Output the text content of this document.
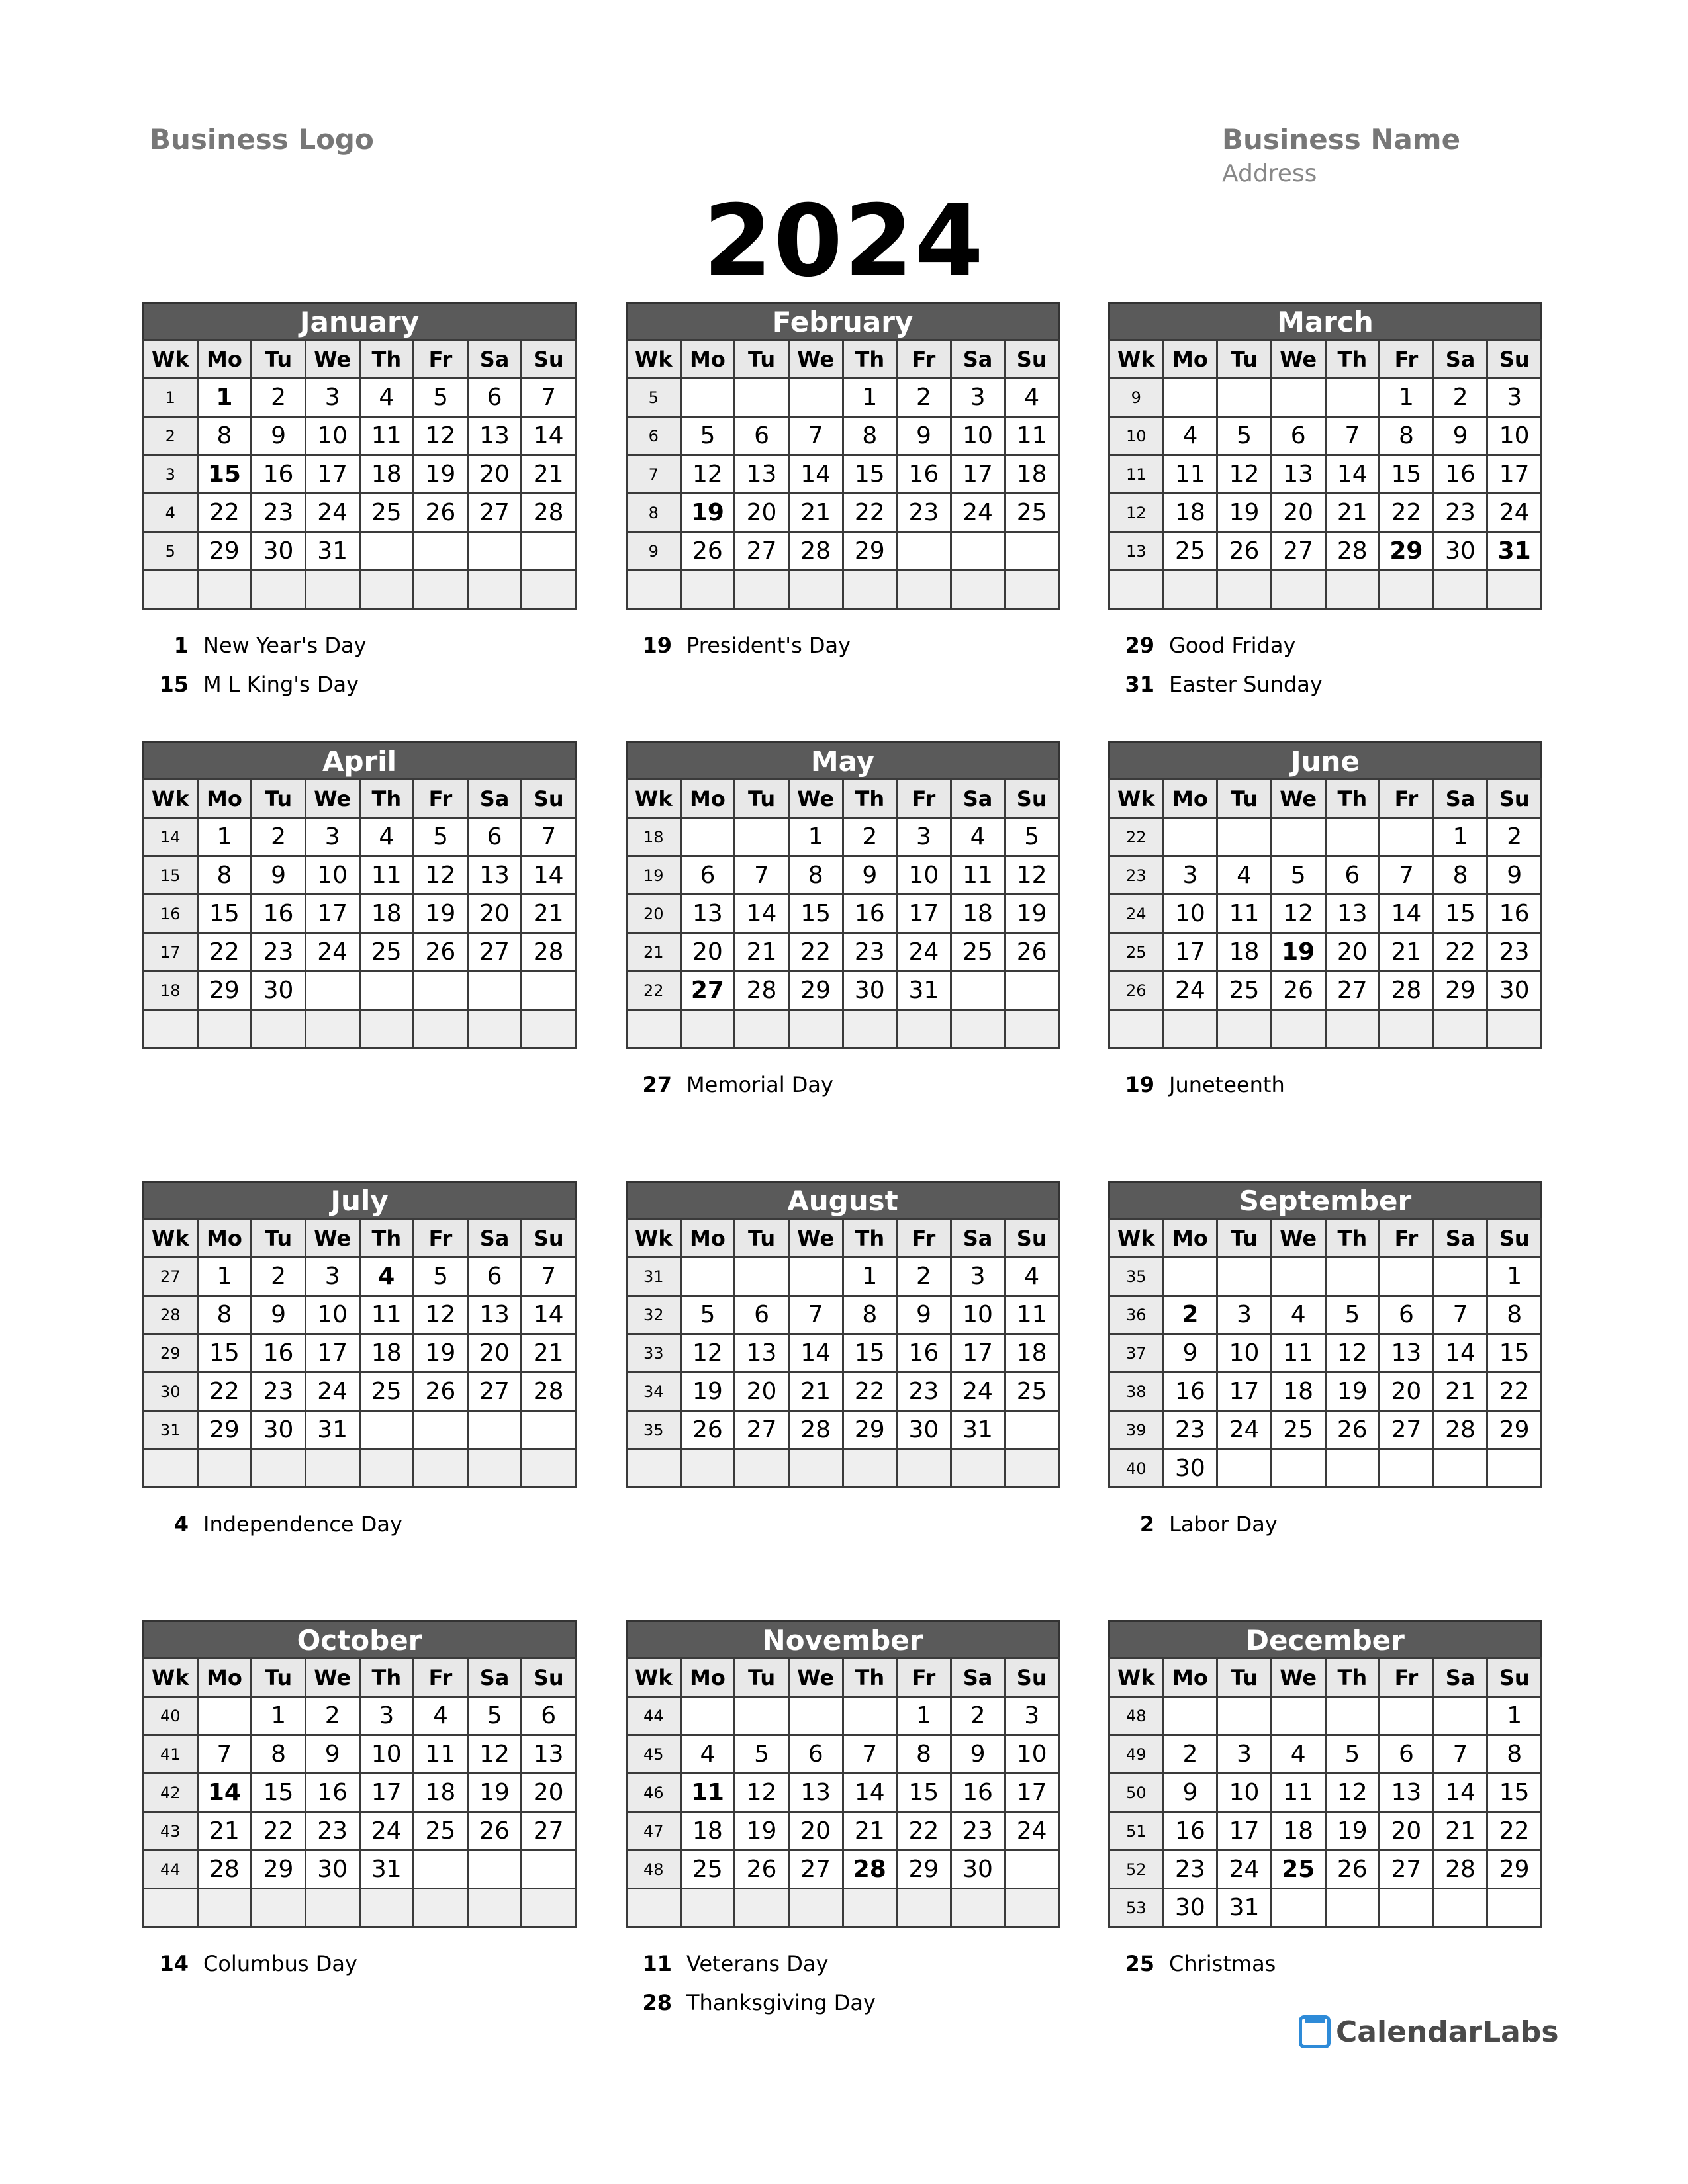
Business Logo	Business Name
Address
2024
January
Wk	Mo	Tu	We	Th	Fr	Sa	Su
1	1	2	3	4	5	6	7
2	8	9	10	11	12	13	14
3	15	16	17	18	19	20	21
4	22	23	24	25	26	27	28
5	29	30	31				

1 New Year's Day
15 M L King's Day
February
Wk	Mo	Tu	We	Th	Fr	Sa	Su
5				1	2	3	4
6	5	6	7	8	9	10	11
7	12	13	14	15	16	17	18
8	19	20	21	22	23	24	25
9	26	27	28	29			

19 President's Day
March
Wk	Mo	Tu	We	Th	Fr	Sa	Su
9					1	2	3
10	4	5	6	7	8	9	10
11	11	12	13	14	15	16	17
12	18	19	20	21	22	23	24
13	25	26	27	28	29	30	31

29 Good Friday
31 Easter Sunday
April
Wk	Mo	Tu	We	Th	Fr	Sa	Su
14	1	2	3	4	5	6	7
15	8	9	10	11	12	13	14
16	15	16	17	18	19	20	21
17	22	23	24	25	26	27	28
18	29	30					

May
Wk	Mo	Tu	We	Th	Fr	Sa	Su
18			1	2	3	4	5
19	6	7	8	9	10	11	12
20	13	14	15	16	17	18	19
21	20	21	22	23	24	25	26
22	27	28	29	30	31		

27 Memorial Day
June
Wk	Mo	Tu	We	Th	Fr	Sa	Su
22						1	2
23	3	4	5	6	7	8	9
24	10	11	12	13	14	15	16
25	17	18	19	20	21	22	23
26	24	25	26	27	28	29	30

19 Juneteenth
July
Wk	Mo	Tu	We	Th	Fr	Sa	Su
27	1	2	3	4	5	6	7
28	8	9	10	11	12	13	14
29	15	16	17	18	19	20	21
30	22	23	24	25	26	27	28
31	29	30	31				

4 Independence Day
August
Wk	Mo	Tu	We	Th	Fr	Sa	Su
31				1	2	3	4
32	5	6	7	8	9	10	11
33	12	13	14	15	16	17	18
34	19	20	21	22	23	24	25
35	26	27	28	29	30	31	

September
Wk	Mo	Tu	We	Th	Fr	Sa	Su
35							1
36	2	3	4	5	6	7	8
37	9	10	11	12	13	14	15
38	16	17	18	19	20	21	22
39	23	24	25	26	27	28	29
40	30						
2 Labor Day
October
Wk	Mo	Tu	We	Th	Fr	Sa	Su
40		1	2	3	4	5	6
41	7	8	9	10	11	12	13
42	14	15	16	17	18	19	20
43	21	22	23	24	25	26	27
44	28	29	30	31			

14 Columbus Day
November
Wk	Mo	Tu	We	Th	Fr	Sa	Su
44					1	2	3
45	4	5	6	7	8	9	10
46	11	12	13	14	15	16	17
47	18	19	20	21	22	23	24
48	25	26	27	28	29	30	

11 Veterans Day
28 Thanksgiving Day
December
Wk	Mo	Tu	We	Th	Fr	Sa	Su
48							1
49	2	3	4	5	6	7	8
50	9	10	11	12	13	14	15
51	16	17	18	19	20	21	22
52	23	24	25	26	27	28	29
53	30	31					
25 Christmas
CalendarLabs
